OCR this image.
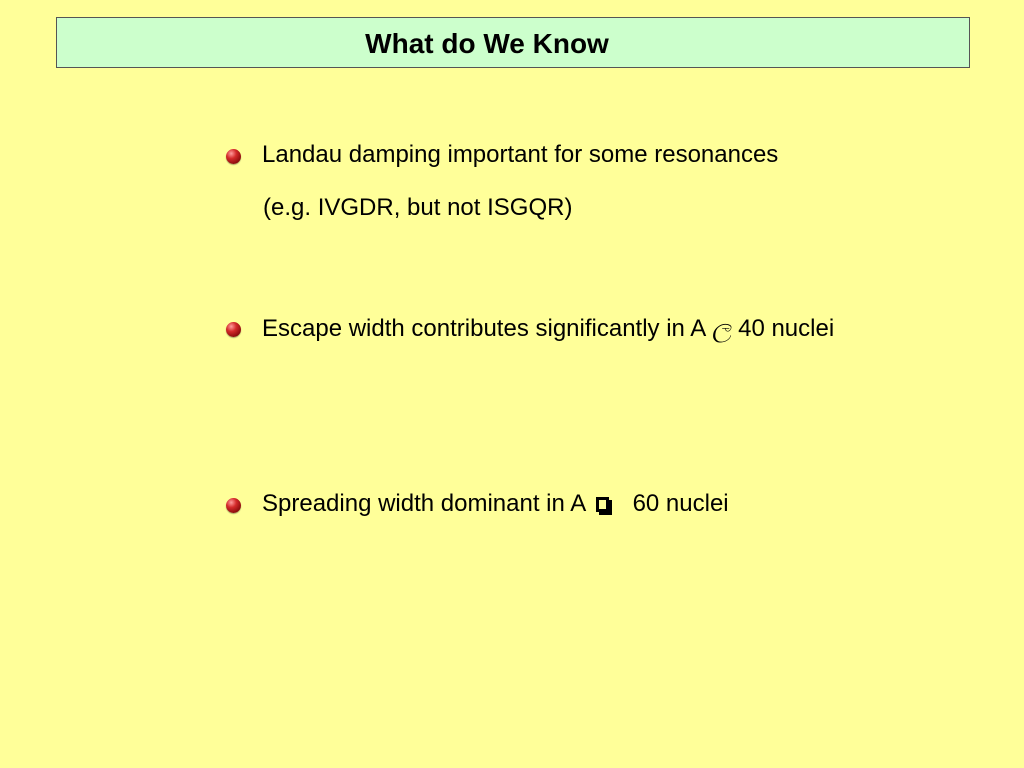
What do We Know
Landau damping important for some resonances
(e.g. IVGDR, but not ISGQR)
Escape width contributes significantly in A ල 40 nuclei
Spreading width dominant in A 60 nuclei
